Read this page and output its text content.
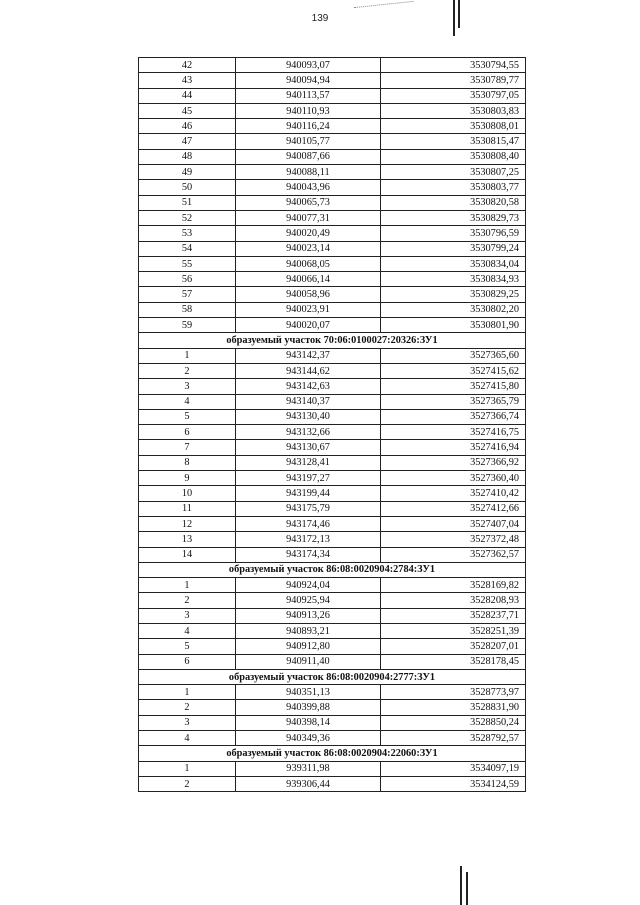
139
42	940093,07	3530794,55
43	940094,94	3530789,77
44	940113,57	3530797,05
45	940110,93	3530803,83
46	940116,24	3530808,01
47	940105,77	3530815,47
48	940087,66	3530808,40
49	940088,11	3530807,25
50	940043,96	3530803,77
51	940065,73	3530820,58
52	940077,31	3530829,73
53	940020,49	3530796,59
54	940023,14	3530799,24
55	940068,05	3530834,04
56	940066,14	3530834,93
57	940058,96	3530829,25
58	940023,91	3530802,20
59	940020,07	3530801,90
образуемый участок 70:06:0100027:20326:ЗУ1		
1	943142,37	3527365,60
2	943144,62	3527415,62
3	943142,63	3527415,80
4	943140,37	3527365,79
5	943130,40	3527366,74
6	943132,66	3527416,75
7	943130,67	3527416,94
8	943128,41	3527366,92
9	943197,27	3527360,40
10	943199,44	3527410,42
11	943175,79	3527412,66
12	943174,46	3527407,04
13	943172,13	3527372,48
14	943174,34	3527362,57
образуемый участок 86:08:0020904:2784:ЗУ1		
1	940924,04	3528169,82
2	940925,94	3528208,93
3	940913,26	3528237,71
4	940893,21	3528251,39
5	940912,80	3528207,01
6	940911,40	3528178,45
образуемый участок 86:08:0020904:2777:ЗУ1		
1	940351,13	3528773,97
2	940399,88	3528831,90
3	940398,14	3528850,24
4	940349,36	3528792,57
образуемый участок 86:08:0020904:22060:ЗУ1		
1	939311,98	3534097,19
2	939306,44	3534124,59
